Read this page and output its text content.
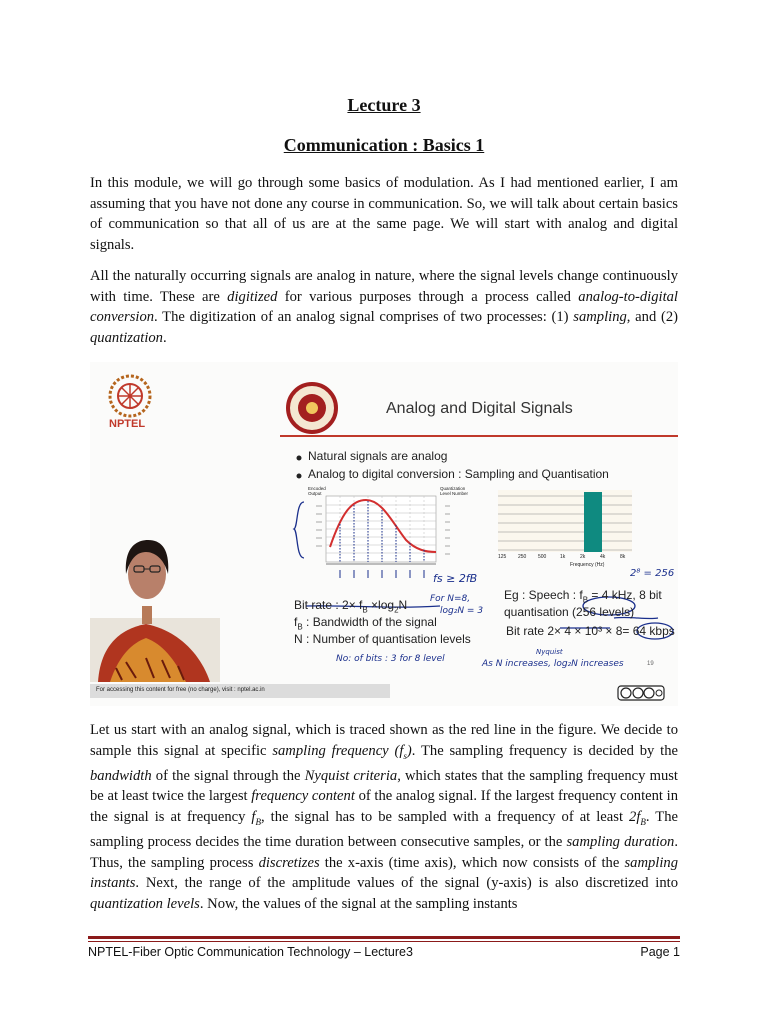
Lecture 3
Communication : Basics 1

In this module, we will go through some basics of modulation. As I had mentioned earlier, I am assuming that you have not done any course in communication. So, we will talk about certain basics of communication so that all of us are at the same page. We will start with analog and digital signals.

All the naturally occurring signals are analog in nature, where the signal levels change continuously with time. These are digitized for various purposes through a process called analog-to-digital conversion. The digitization of an analog signal comprises of two processes: (1) sampling, and (2) quantization.

NPTEL
Analog and Digital Signals
Natural signals are analog
Analog to digital conversion : Sampling and Quantisation
Encoded Output
Quantization Level Number
Bit rate : $2\times f_B \times\log_2N$
$f_B$ : Bandwidth of the signal
N : Number of quantisation levels
Eg : Speech : $f_B = 4$ kHz, 8 bit
quantisation (256 levels)
Bit rate 2× 4 × 10³ × 8= 64 kbps
Frequency (Hz)
125 250 500	1k	2k	4k	8k
fs ≥ 2fB
For N=8,
log₂N = 3
No: of bits : 3 for 8 level
2⁸ = 256
Nyquist
As N increases, log₂N increases	19
For accessing this content for free (no charge), visit : nptel.ac.in

Let us start with an analog signal, which is traced shown as the red line in the figure. We decide to sample this signal at specific sampling frequency $(f_s)$. The sampling frequency is decided by the bandwidth of the signal through the Nyquist criteria, which states that the sampling frequency must be at least twice the largest frequency content of the analog signal. If the largest frequency content in the signal is at frequency $f_B$, the signal has to be sampled with a frequency of at least $2f_B$. The sampling process decides the time duration between consecutive samples, or the sampling duration. Thus, the sampling process discretizes the x-axis (time axis), which now consists of the sampling instants. Next, the range of the amplitude values of the signal (y-axis) is also discretized into quantization levels. Now, the values of the signal at the sampling instants

NPTEL-Fiber Optic Communication Technology – Lecture3	Page 1
